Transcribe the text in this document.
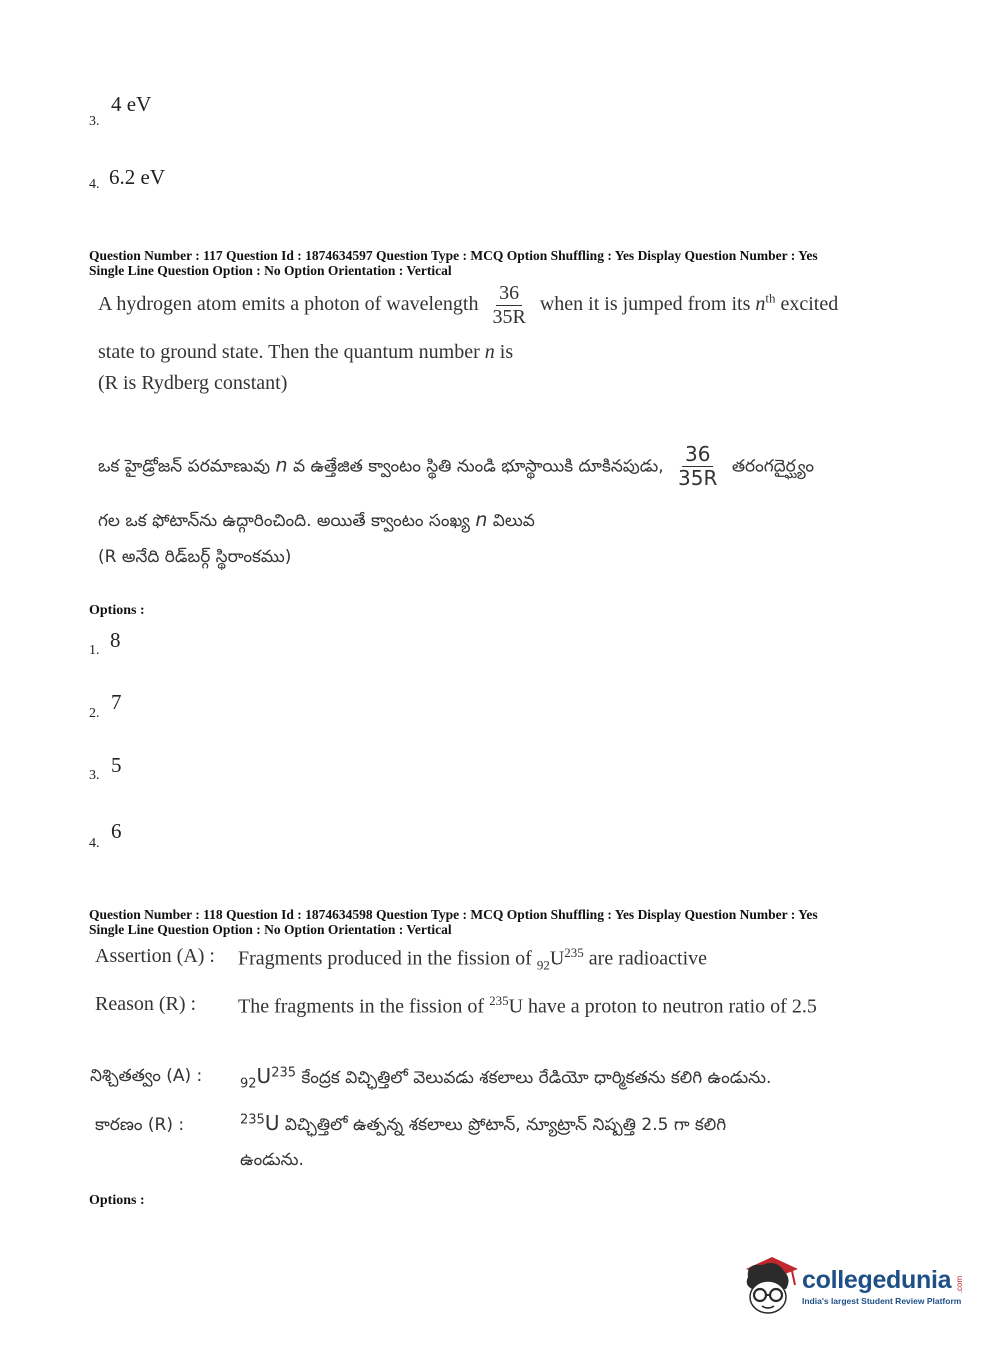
3.
4 eV
4. 6.2 eV
Question Number : 117 Question Id : 1874634597 Question Type : MCQ Option Shuffling : Yes Display Question Number : Yes
Single Line Question Option : No Option Orientation : Vertical
A hydrogen atom emits a photon of wavelength $\frac{36}{35R}$ when it is jumped from its $n^{th}$ excited
state to ground state. Then the quantum number n is
(R is Rydberg constant)
ఒక హైడ్రోజన్ పరమాణువు n వ ఉత్తేజిత క్వాంటం స్థితి నుండి భూస్థాయికి దూకినపుడు, $\frac{36}{35R}$ తరంగదైర్ఘ్యం
గల ఒక ఫోటాన్‌ను ఉద్గారించింది. అయితే క్వాంటం సంఖ్య n విలువ
(R అనేది రిడ్‌బర్గ్ స్థిరాంకము)
Options :
1. 8
2. 7
3. 5
4.
6
Question Number : 118 Question Id : 1874634598 Question Type : MCQ Option Shuffling : Yes Display Question Number : Yes
Single Line Question Option : No Option Orientation : Vertical
Assertion (A) : Fragments produced in the fission of $_{92}U^{235}$ are radioactive
Reason (R) : The fragments in the fission of $^{235}$U have a proton to neutron ratio of 2.5
నిశ్చితత్వం (A) :	$_{92}U^{235}$ కేంద్రక విచ్ఛిత్తిలో వెలువడు శకలాలు రేడియో ధార్మికతను కలిగి ఉండును.
కారణం (R) :	$^{235}$U విచ్ఛిత్తిలో ఉత్పన్న శకలాలు ప్రోటాన్, న్యూట్రాన్ నిష్పత్తి 2.5 గా కలిగి
ఉండును.
Options :
collegedunia .com
India's largest Student Review Platform
